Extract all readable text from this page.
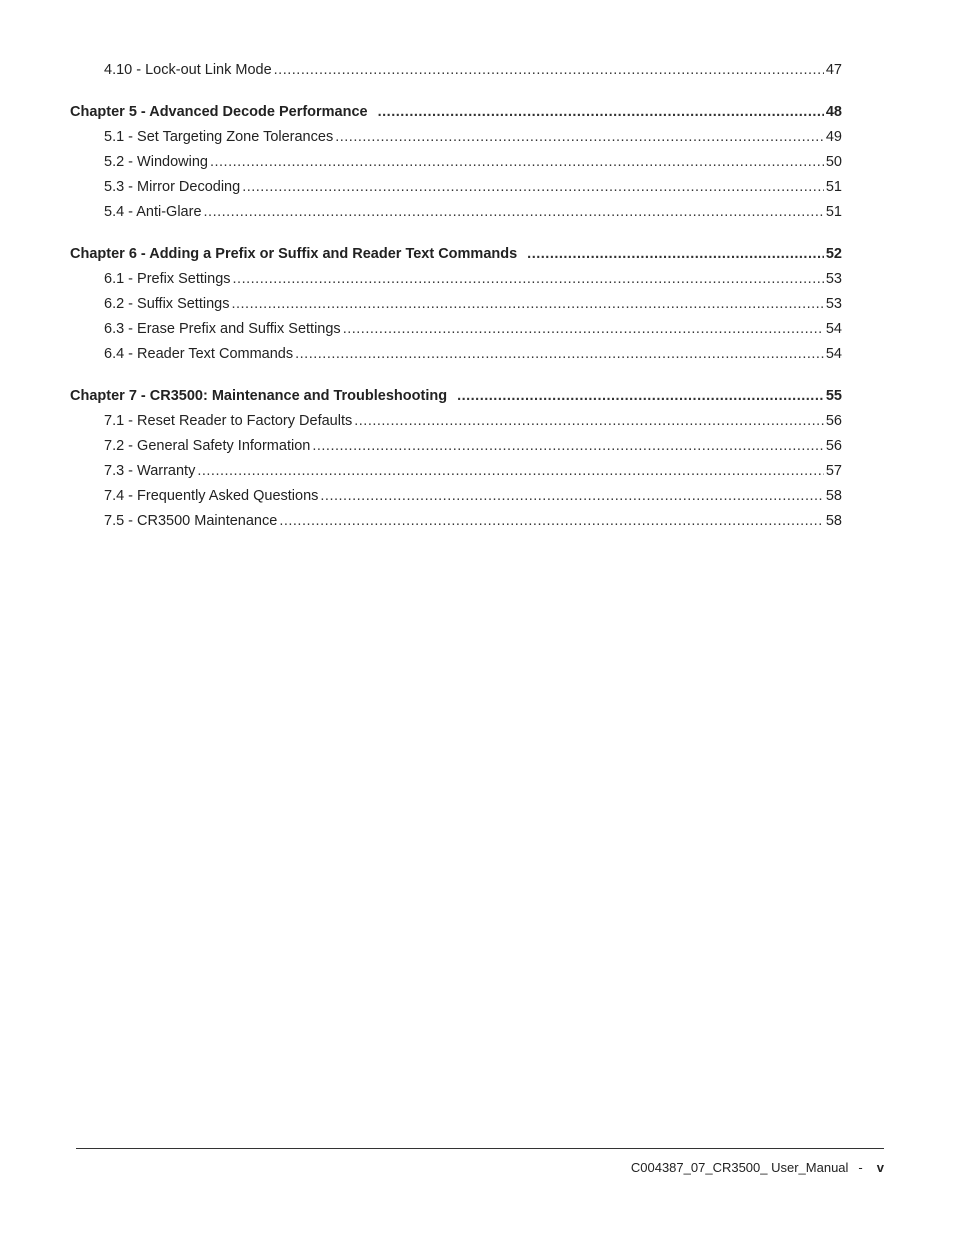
4.10 - Lock-out Link Mode .....	47
Chapter 5 - Advanced Decode Performance .....	48
5.1 - Set Targeting Zone Tolerances .....	49
5.2 - Windowing .....	50
5.3 - Mirror Decoding .....	51
5.4 - Anti-Glare .....	51
Chapter 6 - Adding a Prefix or Suffix and Reader Text Commands .....	52
6.1 - Prefix Settings .....	53
6.2 - Suffix Settings .....	53
6.3 - Erase Prefix and Suffix Settings .....	54
6.4 - Reader Text Commands .....	54
Chapter 7 - CR3500: Maintenance and Troubleshooting .....	55
7.1 - Reset Reader to Factory Defaults .....	56
7.2 - General Safety Information .....	56
7.3 - Warranty .....	57
7.4 - Frequently Asked Questions .....	58
7.5 - CR3500 Maintenance .....	58
C004387_07_CR3500_ User_Manual - v
